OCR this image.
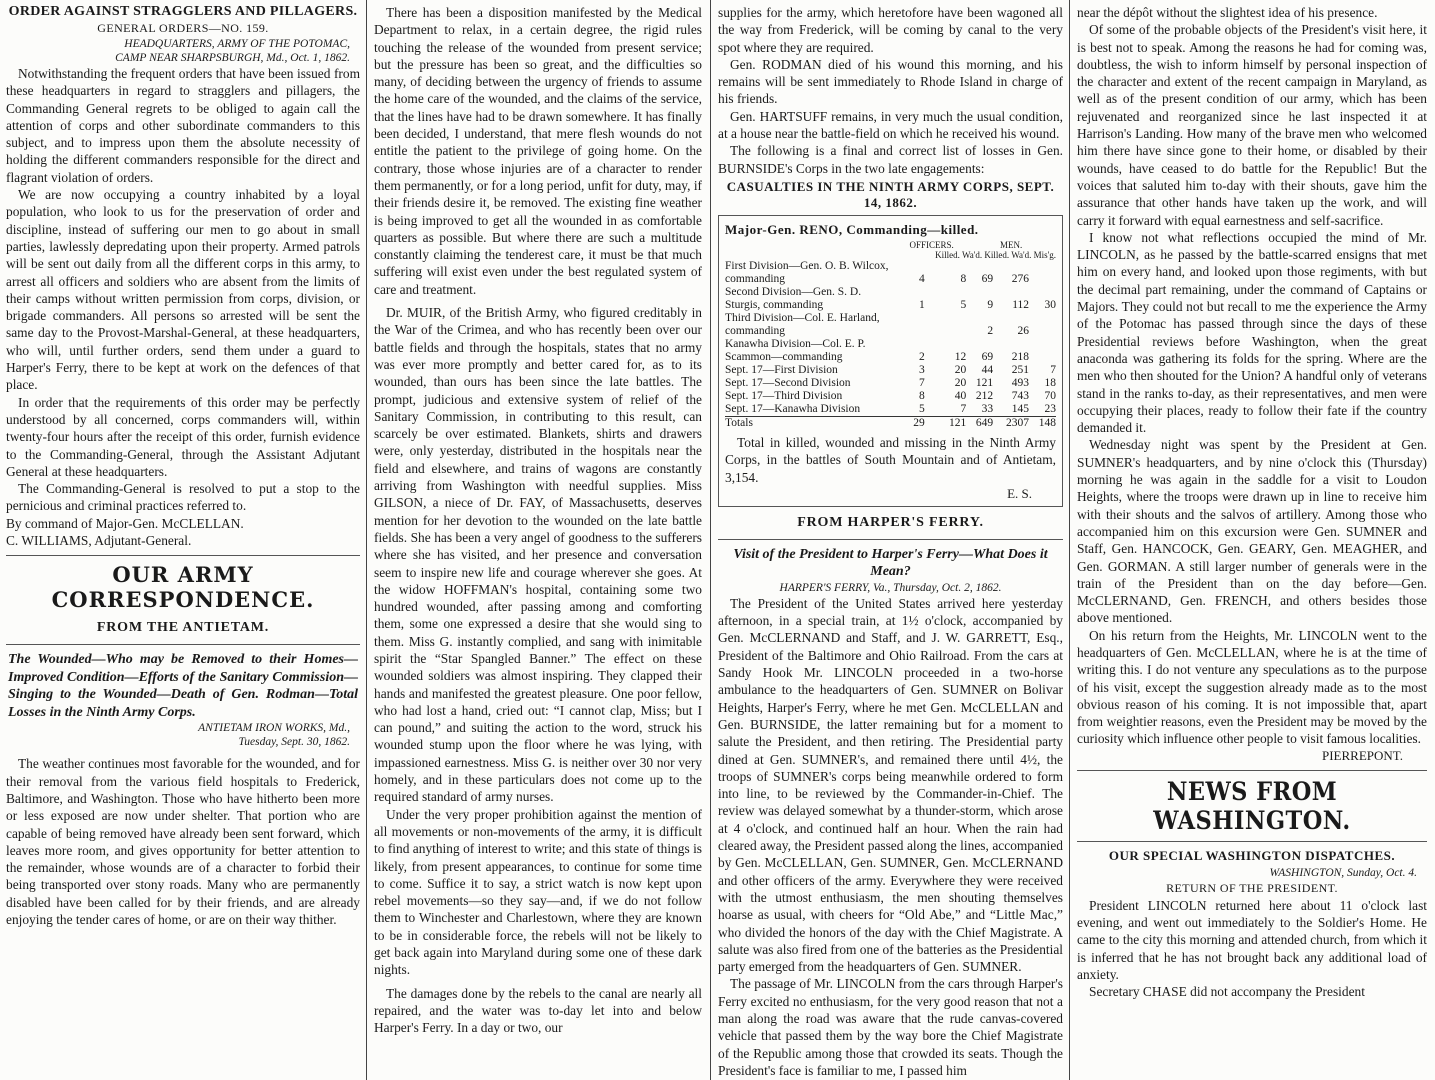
ORDER AGAINST STRAGGLERS AND PILLAGERS.
GENERAL ORDERS—NO. 159.
HEADQUARTERS, ARMY OF THE POTOMAC,
CAMP NEAR SHARPSBURGH, Md., Oct. 1, 1862.

Notwithstanding the frequent orders that have been issued from these headquarters in regard to stragglers and pillagers, the Commanding General regrets to be obliged to again call the attention of corps and other subordinate commanders to this subject, and to impress upon them the absolute necessity of holding the different commanders responsible for the direct and flagrant violation of orders.

We are now occupying a country inhabited by a loyal population, who look to us for the preservation of order and discipline, instead of suffering our men to go about in small parties, lawlessly depredating upon their property. Armed patrols will be sent out daily from all the different corps in this army, to arrest all officers and soldiers who are absent from the limits of their camps without written permission from corps, division, or brigade commanders. All persons so arrested will be sent the same day to the Provost-Marshal-General, at these headquarters, who will, until further orders, send them under a guard to Harper's Ferry, there to be kept at work on the defences of that place.

In order that the requirements of this order may be perfectly understood by all concerned, corps commanders will, within twenty-four hours after the receipt of this order, furnish evidence to the Commanding-General, through the Assistant Adjutant General at these headquarters.

The Commanding-General is resolved to put a stop to the pernicious and criminal practices referred to.

By command of Major-Gen. McCLELLAN.

C. WILLIAMS, Adjutant-General.

OUR ARMY CORRESPONDENCE.
FROM THE ANTIETAM.
The Wounded—Who may be Removed to their Homes—Improved Condition—Efforts of the Sanitary Commission—Singing to the Wounded—Death of Gen. Rodman—Total Losses in the Ninth Army Corps.
ANTIETAM IRON WORKS, Md.,
Tuesday, Sept. 30, 1862.

The weather continues most favorable for the wounded, and for their removal from the various field hospitals to Frederick, Baltimore, and Washington. Those who have hitherto been more or less exposed are now under shelter. That portion who are capable of being removed have already been sent forward, which leaves more room, and gives opportunity for better attention to the remainder, whose wounds are of a character to forbid their being transported over stony roads. Many who are permanently disabled have been called for by their friends, and are already enjoying the tender cares of home, or are on their way thither.

There has been a disposition manifested by the Medical Department to relax, in a certain degree, the rigid rules touching the release of the wounded from present service; but the pressure has been so great, and the difficulties so many, of deciding between the urgency of friends to assume the home care of the wounded, and the claims of the service, that the lines have had to be drawn somewhere. It has finally been decided, I understand, that mere flesh wounds do not entitle the patient to the privilege of going home. On the contrary, those whose injuries are of a character to render them permanently, or for a long period, unfit for duty, may, if their friends desire it, be removed. The existing fine weather is being improved to get all the wounded in as comfortable quarters as possible. But where there are such a multitude constantly claiming the tenderest care, it must be that much suffering will exist even under the best regulated system of care and treatment.

Dr. MUIR, of the British Army, who figured creditably in the War of the Crimea, and who has recently been over our battle fields and through the hospitals, states that no army was ever more promptly and better cared for, as to its wounded, than ours has been since the late battles. The prompt, judicious and extensive system of relief of the Sanitary Commission, in contributing to this result, can scarcely be over estimated. Blankets, shirts and drawers were, only yesterday, distributed in the hospitals near the field and elsewhere, and trains of wagons are constantly arriving from Washington with needful supplies. Miss GILSON, a niece of Dr. FAY, of Massachusetts, deserves mention for her devotion to the wounded on the late battle fields. She has been a very angel of goodness to the sufferers where she has visited, and her presence and conversation seem to inspire new life and courage wherever she goes. At the widow HOFFMAN's hospital, containing some two hundred wounded, after passing among and comforting them, some one expressed a desire that she would sing to them. Miss G. instantly complied, and sang with inimitable spirit the “Star Spangled Banner.” The effect on these wounded soldiers was almost inspiring. They clapped their hands and manifested the greatest pleasure. One poor fellow, who had lost a hand, cried out: “I cannot clap, Miss; but I can pound,” and suiting the action to the word, struck his wounded stump upon the floor where he was lying, with impassioned earnestness. Miss G. is neither over 30 nor very homely, and in these particulars does not come up to the required standard of army nurses.

Under the very proper prohibition against the mention of all movements or non-movements of the army, it is difficult to find anything of interest to write; and this state of things is likely, from present appearances, to continue for some time to come. Suffice it to say, a strict watch is now kept upon rebel movements—so they say—and, if we do not follow them to Winchester and Charlestown, where they are known to be in considerable force, the rebels will not be likely to get back again into Maryland during some one of these dark nights.

The damages done by the rebels to the canal are nearly all repaired, and the water was to-day let into and below Harper's Ferry. In a day or two, our

supplies for the army, which heretofore have been wagoned all the way from Frederick, will be coming by canal to the very spot where they are required.

Gen. RODMAN died of his wound this morning, and his remains will be sent immediately to Rhode Island in charge of his friends.

Gen. HARTSUFF remains, in very much the usual condition, at a house near the battle-field on which he received his wound.

The following is a final and correct list of losses in Gen. BURNSIDE's Corps in the two late engagements:

CASUALTIES IN THE NINTH ARMY CORPS, SEPT. 14, 1862.
Major-Gen. RENO, Commanding—killed.
	OFFICERS.		MEN.		
	Killed. Wa'd. Killed. Wa'd. Mis'g.				
First Division—Gen. O. B. Wilcox, commanding	4	8	69	276	
Second Division—Gen. S. D. Sturgis, commanding	1	5	9	112	30
Third Division—Col. E. Harland, commanding			2	26	
Kanawha Division—Col. E. P. Scammon—commanding	2	12	69	218	
Sept. 17—First Division	3	20	44	251	7
Sept. 17—Second Division	7	20	121	493	18
Sept. 17—Third Division	8	40	212	743	70
Sept. 17—Kanawha Division	5	7	33	145	23
Totals	29	121	649	2307	148

Total in killed, wounded and missing in the Ninth Army Corps, in the battles of South Mountain and of Antietam, 3,154.

E. S.
FROM HARPER'S FERRY.
Visit of the President to Harper's Ferry—What Does it Mean?
HARPER'S FERRY, Va., Thursday, Oct. 2, 1862.

The President of the United States arrived here yesterday afternoon, in a special train, at 1½ o'clock, accompanied by Gen. McCLERNAND and Staff, and J. W. GARRETT, Esq., President of the Baltimore and Ohio Railroad. From the cars at Sandy Hook Mr. LINCOLN proceeded in a two-horse ambulance to the headquarters of Gen. SUMNER on Bolivar Heights, Harper's Ferry, where he met Gen. McCLELLAN and Gen. BURNSIDE, the latter remaining but for a moment to salute the President, and then retiring. The Presidential party dined at Gen. SUMNER's, and remained there until 4½, the troops of SUMNER's corps being meanwhile ordered to form into line, to be reviewed by the Commander-in-Chief. The review was delayed somewhat by a thunder-storm, which arose at 4 o'clock, and continued half an hour. When the rain had cleared away, the President passed along the lines, accompanied by Gen. McCLELLAN, Gen. SUMNER, Gen. McCLERNAND and other officers of the army. Everywhere they were received with the utmost enthusiasm, the men shouting themselves hoarse as usual, with cheers for “Old Abe,” and “Little Mac,” who divided the honors of the day with the Chief Magistrate. A salute was also fired from one of the batteries as the Presidential party emerged from the headquarters of Gen. SUMNER.

The passage of Mr. LINCOLN from the cars through Harper's Ferry excited no enthusiasm, for the very good reason that not a man along the road was aware that the rude canvas-covered vehicle that passed them by the way bore the Chief Magistrate of the Republic among those that crowded its seats. Though the President's face is familiar to me, I passed him

near the dépôt without the slightest idea of his presence.

Of some of the probable objects of the President's visit here, it is best not to speak. Among the reasons he had for coming was, doubtless, the wish to inform himself by personal inspection of the character and extent of the recent campaign in Maryland, as well as of the present condition of our army, which has been rejuvenated and reorganized since he last inspected it at Harrison's Landing. How many of the brave men who welcomed him there have since gone to their home, or disabled by their wounds, have ceased to do battle for the Republic! But the voices that saluted him to-day with their shouts, gave him the assurance that other hands have taken up the work, and will carry it forward with equal earnestness and self-sacrifice.

I know not what reflections occupied the mind of Mr. LINCOLN, as he passed by the battle-scarred ensigns that met him on every hand, and looked upon those regiments, with but the decimal part remaining, under the command of Captains or Majors. They could not but recall to me the experience the Army of the Potomac has passed through since the days of these Presidential reviews before Washington, when the great anaconda was gathering its folds for the spring. Where are the men who then shouted for the Union? A handful only of veterans stand in the ranks to-day, as their representatives, and men were occupying their places, ready to follow their fate if the country demanded it.

Wednesday night was spent by the President at Gen. SUMNER's headquarters, and by nine o'clock this (Thursday) morning he was again in the saddle for a visit to Loudon Heights, where the troops were drawn up in line to receive him with their shouts and the salvos of artillery. Among those who accompanied him on this excursion were Gen. SUMNER and Staff, Gen. HANCOCK, Gen. GEARY, Gen. MEAGHER, and Gen. GORMAN. A still larger number of generals were in the train of the President than on the day before—Gen. McCLERNAND, Gen. FRENCH, and others besides those above mentioned.

On his return from the Heights, Mr. LINCOLN went to the headquarters of Gen. McCLELLAN, where he is at the time of writing this. I do not venture any speculations as to the purpose of his visit, except the suggestion already made as to the most obvious reason of his coming. It is not impossible that, apart from weightier reasons, even the President may be moved by the curiosity which influence other people to visit famous localities.

PIERREPONT.
NEWS FROM WASHINGTON.
OUR SPECIAL WASHINGTON DISPATCHES.
WASHINGTON, Sunday, Oct. 4.
RETURN OF THE PRESIDENT.

President LINCOLN returned here about 11 o'clock last evening, and went out immediately to the Soldier's Home. He came to the city this morning and attended church, from which it is inferred that he has not brought back any additional load of anxiety.

Secretary CHASE did not accompany the President
